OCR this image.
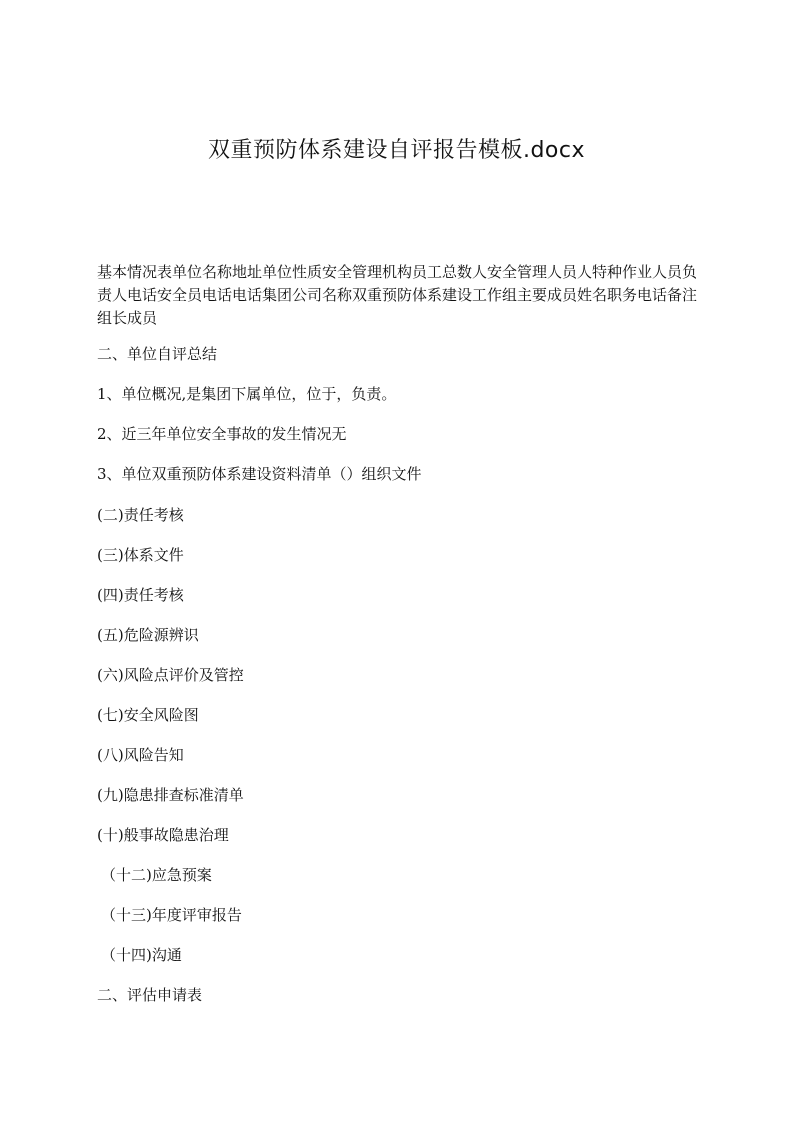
双重预防体系建设自评报告模板.docx

基本情况表单位名称地址单位性质安全管理机构员工总数人安全管理人员人特种作业人员负责人电话安全员电话电话集团公司名称双重预防体系建设工作组主要成员姓名职务电话备注组长成员

二、单位自评总结

1、单位概况,是集团下属单位，位于，负责。

2、近三年单位安全事故的发生情况无

3、单位双重预防体系建设资料清单（）组织文件

(二)责任考核

(三)体系文件

(四)责任考核

(五)危险源辨识

(六)风险点评价及管控

(七)安全风险图

(八)风险告知

(九)隐患排查标准清单

(十)般事故隐患治理

（十二)应急预案

（十三)年度评审报告

（十四)沟通

二、评估申请表
